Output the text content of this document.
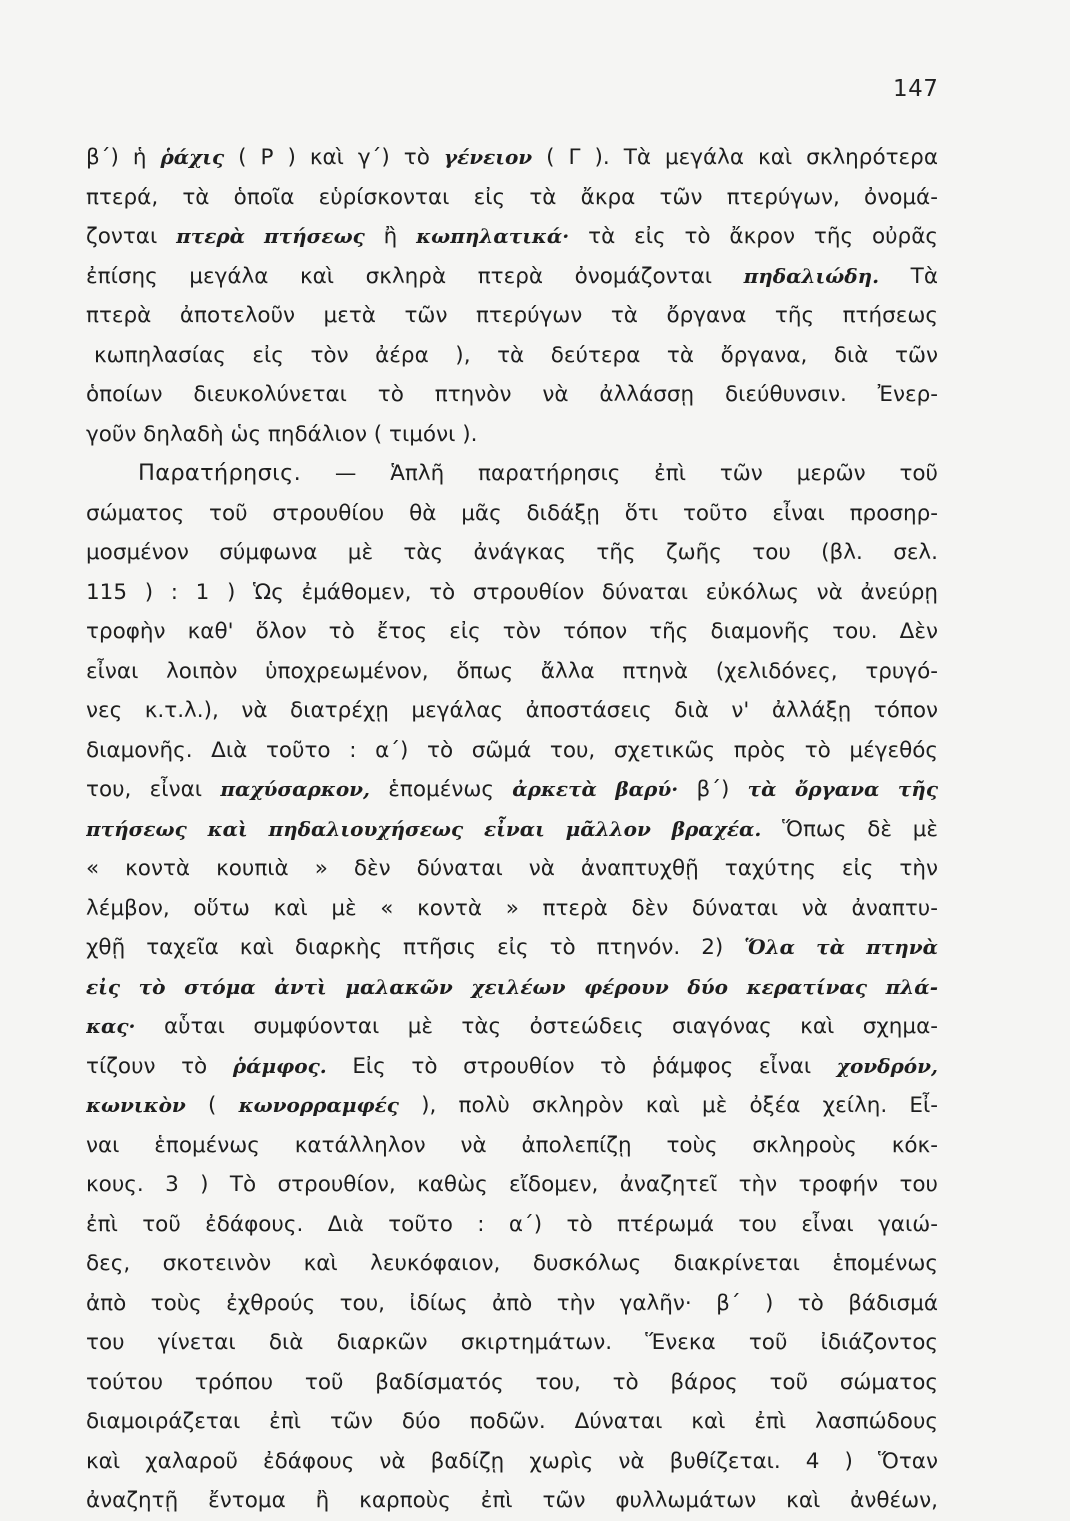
147
β΄) ἡ ῥάχις ( Ρ ) καὶ γ΄) τὸ γένειον ( Γ ). Τὰ μεγάλα καὶ σκληρότερα
πτερά, τὰ ὁποῖα εὑρίσκονται εἰς τὰ ἄκρα τῶν πτερύγων, ὀνομά-
ζονται πτερὰ πτήσεως ἢ κωπηλατικά· τὰ εἰς τὸ ἄκρον τῆς οὐρᾶς
ἐπίσης μεγάλα καὶ σκληρὰ πτερὰ ὀνομάζονται πηδαλιώδη. Τὰ
πτερὰ ἀποτελοῦν μετὰ τῶν πτερύγων τὰ ὄργανα τῆς πτήσεως
κωπηλασίας εἰς τὸν ἀέρα ), τὰ δεύτερα τὰ ὄργανα, διὰ τῶν
ὁποίων διευκολύνεται τὸ πτηνὸν νὰ ἀλλάσσῃ διεύθυνσιν. Ἐνερ-
γοῦν δηλαδὴ ὡς πηδάλιον ( τιμόνι ).
Παρατήρησις. — Ἁπλῆ παρατήρησις ἐπὶ τῶν μερῶν τοῦ
σώματος τοῦ στρουθίου θὰ μᾶς διδάξῃ ὅτι τοῦτο εἶναι προσηρ-
μοσμένον σύμφωνα μὲ τὰς ἀνάγκας τῆς ζωῆς του (βλ. σελ.
115 ) : 1 ) Ὡς ἐμάθομεν, τὸ στρουθίον δύναται εὐκόλως νὰ ἀνεύρῃ
τροφὴν καθ' ὅλον τὸ ἔτος εἰς τὸν τόπον τῆς διαμονῆς του. Δὲν
εἶναι λοιπὸν ὑποχρεωμένον, ὅπως ἄλλα πτηνὰ (χελιδόνες, τρυγό-
νες κ.τ.λ.), νὰ διατρέχῃ μεγάλας ἀποστάσεις διὰ ν' ἀλλάξῃ τόπον
διαμονῆς. Διὰ τοῦτο : α΄) τὸ σῶμά του, σχετικῶς πρὸς τὸ μέγεθός
του, εἶναι παχύσαρκον, ἑπομένως ἀρκετὰ βαρύ· β΄) τὰ ὄργανα τῆς
πτήσεως καὶ πηδαλιουχήσεως εἶναι μᾶλλον βραχέα. Ὅπως δὲ μὲ
« κοντὰ κουπιὰ » δὲν δύναται νὰ ἀναπτυχθῇ ταχύτης εἰς τὴν
λέμβον, οὕτω καὶ μὲ « κοντὰ » πτερὰ δὲν δύναται νὰ ἀναπτυ-
χθῇ ταχεῖα καὶ διαρκὴς πτῆσις εἰς τὸ πτηνόν. 2) Ὅλα τὰ πτηνὰ
εἰς τὸ στόμα ἀντὶ μαλακῶν χειλέων φέρουν δύο κερατίνας πλά-
κας· αὗται συμφύονται μὲ τὰς ὀστεώδεις σιαγόνας καὶ σχημα-
τίζουν τὸ ῥάμφος. Εἰς τὸ στρουθίον τὸ ῥάμφος εἶναι χονδρόν,
κωνικὸν ( κωνορραμφές ), πολὺ σκληρὸν καὶ μὲ ὀξέα χείλη. Εἶ-
ναι ἑπομένως κατάλληλον νὰ ἀπολεπίζῃ τοὺς σκληροὺς κόκ-
κους. 3 ) Τὸ στρουθίον, καθὼς εἴδομεν, ἀναζητεῖ τὴν τροφήν του
ἐπὶ τοῦ ἐδάφους. Διὰ τοῦτο : α΄) τὸ πτέρωμά του εἶναι γαιώ-
δες, σκοτεινὸν καὶ λευκόφαιον, δυσκόλως διακρίνεται ἑπομένως
ἀπὸ τοὺς ἐχθρούς του, ἰδίως ἀπὸ τὴν γαλῆν· β΄ ) τὸ βάδισμά
του γίνεται διὰ διαρκῶν σκιρτημάτων. Ἕνεκα τοῦ ἰδιάζοντος
τούτου τρόπου τοῦ βαδίσματός του, τὸ βάρος τοῦ σώματος
διαμοιράζεται ἐπὶ τῶν δύο ποδῶν. Δύναται καὶ ἐπὶ λασπώδους
καὶ χαλαροῦ ἐδάφους νὰ βαδίζῃ χωρὶς νὰ βυθίζεται. 4 ) Ὅταν
ἀναζητῇ ἔντομα ἢ καρποὺς ἐπὶ τῶν φυλλωμάτων καὶ ἀνθέων,
